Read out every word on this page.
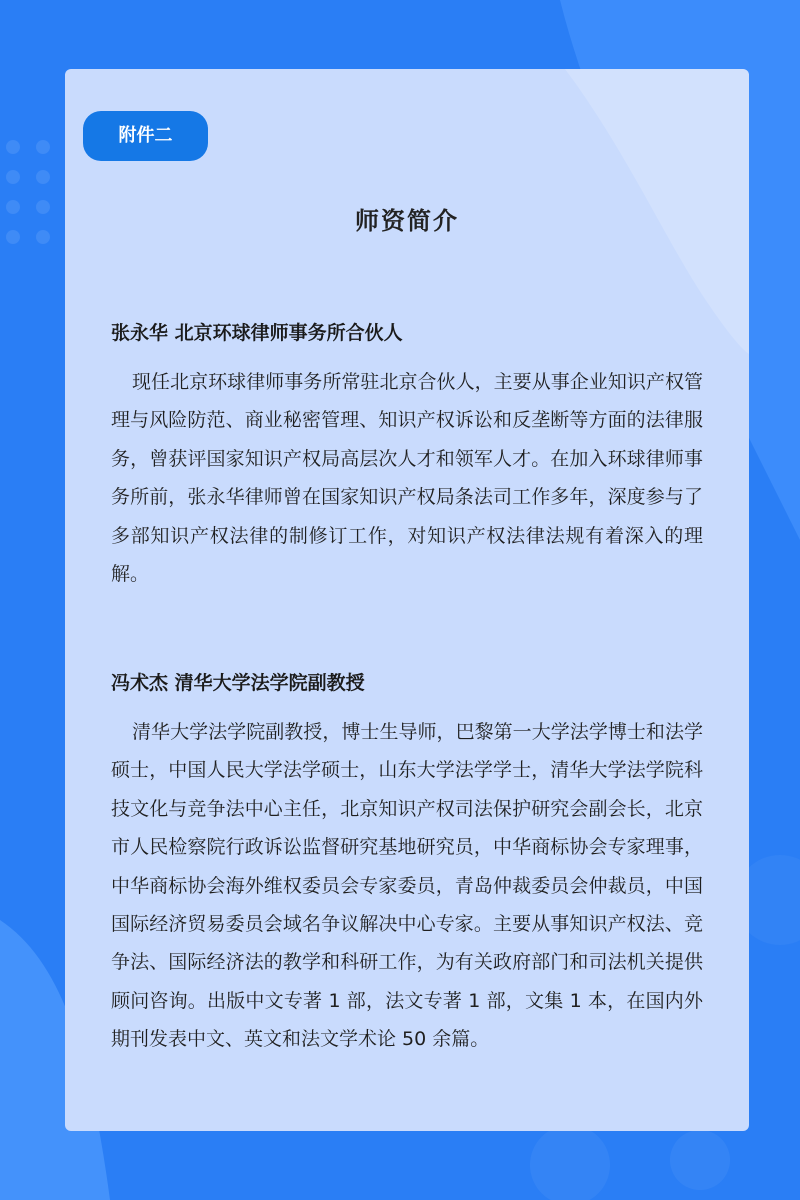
附件二
师资简介
张永华 北京环球律师事务所合伙人

现任北京环球律师事务所常驻北京合伙人，主要从事企业知识产权管理与风险防范、商业秘密管理、知识产权诉讼和反垄断等方面的法律服务，曾获评国家知识产权局高层次人才和领军人才。在加入环球律师事务所前，张永华律师曾在国家知识产权局条法司工作多年，深度参与了多部知识产权法律的制修订工作，对知识产权法律法规有着深入的理解。

冯术杰 清华大学法学院副教授

清华大学法学院副教授，博士生导师，巴黎第一大学法学博士和法学硕士，中国人民大学法学硕士，山东大学法学学士，清华大学法学院科技文化与竞争法中心主任，北京知识产权司法保护研究会副会长，北京市人民检察院行政诉讼监督研究基地研究员，中华商标协会专家理事，中华商标协会海外维权委员会专家委员，青岛仲裁委员会仲裁员，中国国际经济贸易委员会域名争议解决中心专家。主要从事知识产权法、竞争法、国际经济法的教学和科研工作，为有关政府部门和司法机关提供顾问咨询。出版中文专著 1 部，法文专著 1 部，文集 1 本，在国内外期刊发表中文、英文和法文学术论 50 余篇。
